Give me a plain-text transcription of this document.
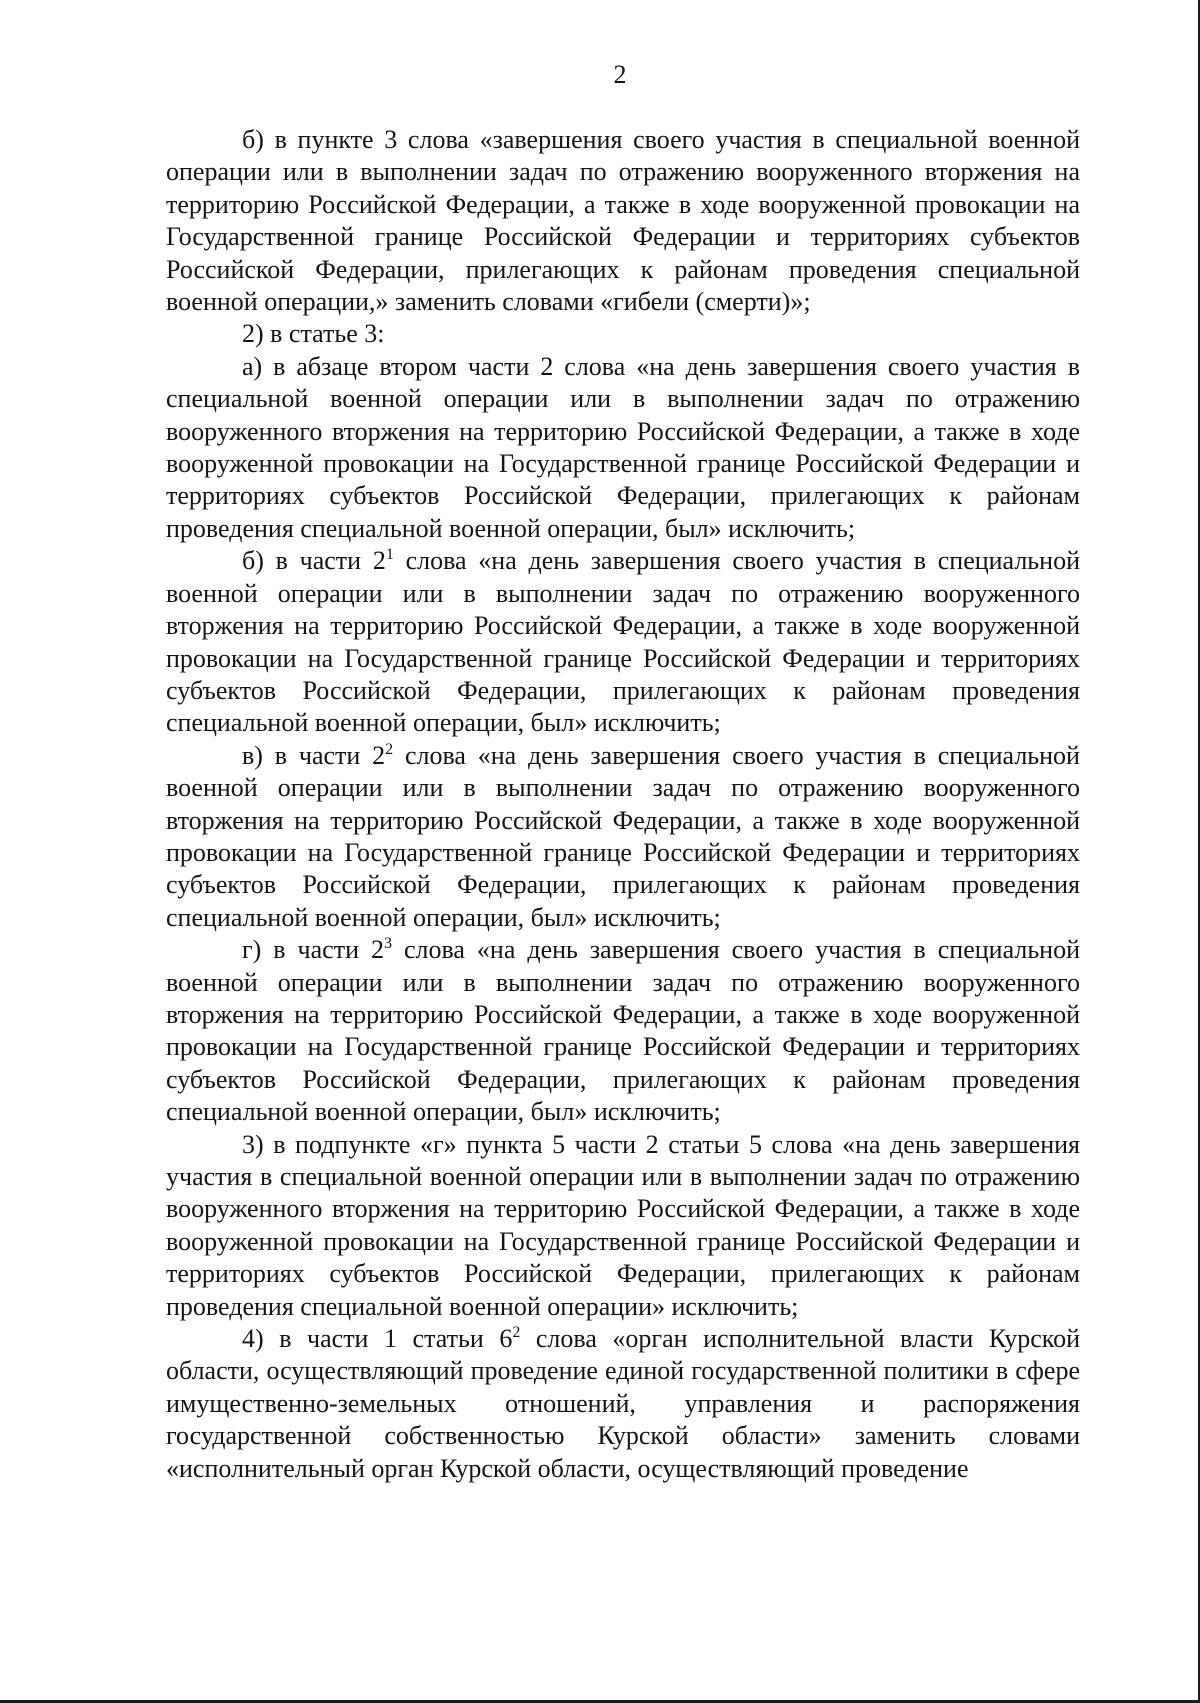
2

б) в пункте 3 слова «завершения своего участия в специальной военной операции или в выполнении задач по отражению вооруженного вторжения на территорию Российской Федерации, а также в ходе вооруженной провокации на Государственной границе Российской Федерации и территориях субъектов Российской Федерации, прилегающих к районам проведения специальной военной операции,» заменить словами «гибели (смерти)»;

2) в статье 3:

а) в абзаце втором части 2 слова «на день завершения своего участия в специальной военной операции или в выполнении задач по отражению вооруженного вторжения на территорию Российской Федерации, а также в ходе вооруженной провокации на Государственной границе Российской Федерации и территориях субъектов Российской Федерации, прилегающих к районам проведения специальной военной операции, был» исключить;

б) в части $2^1$ слова «на день завершения своего участия в специальной военной операции или в выполнении задач по отражению вооруженного вторжения на территорию Российской Федерации, а также в ходе вооруженной провокации на Государственной границе Российской Федерации и территориях субъектов Российской Федерации, прилегающих к районам проведения специальной военной операции, был» исключить;

в) в части $2^2$ слова «на день завершения своего участия в специальной военной операции или в выполнении задач по отражению вооруженного вторжения на территорию Российской Федерации, а также в ходе вооруженной провокации на Государственной границе Российской Федерации и территориях субъектов Российской Федерации, прилегающих к районам проведения специальной военной операции, был» исключить;

г) в части $2^3$ слова «на день завершения своего участия в специальной военной операции или в выполнении задач по отражению вооруженного вторжения на территорию Российской Федерации, а также в ходе вооруженной провокации на Государственной границе Российской Федерации и территориях субъектов Российской Федерации, прилегающих к районам проведения специальной военной операции, был» исключить;

3) в подпункте «г» пункта 5 части 2 статьи 5 слова «на день завершения участия в специальной военной операции или в выполнении задач по отражению вооруженного вторжения на территорию Российской Федерации, а также в ходе вооруженной провокации на Государственной границе Российской Федерации и территориях субъектов Российской Федерации, прилегающих к районам проведения специальной военной операции» исключить;

4) в части 1 статьи $6^2$ слова «орган исполнительной власти Курской области, осуществляющий проведение единой государственной политики в сфере имущественно-земельных отношений, управления и распоряжения государственной собственностью Курской области» заменить словами «исполнительный орган Курской области, осуществляющий проведение
